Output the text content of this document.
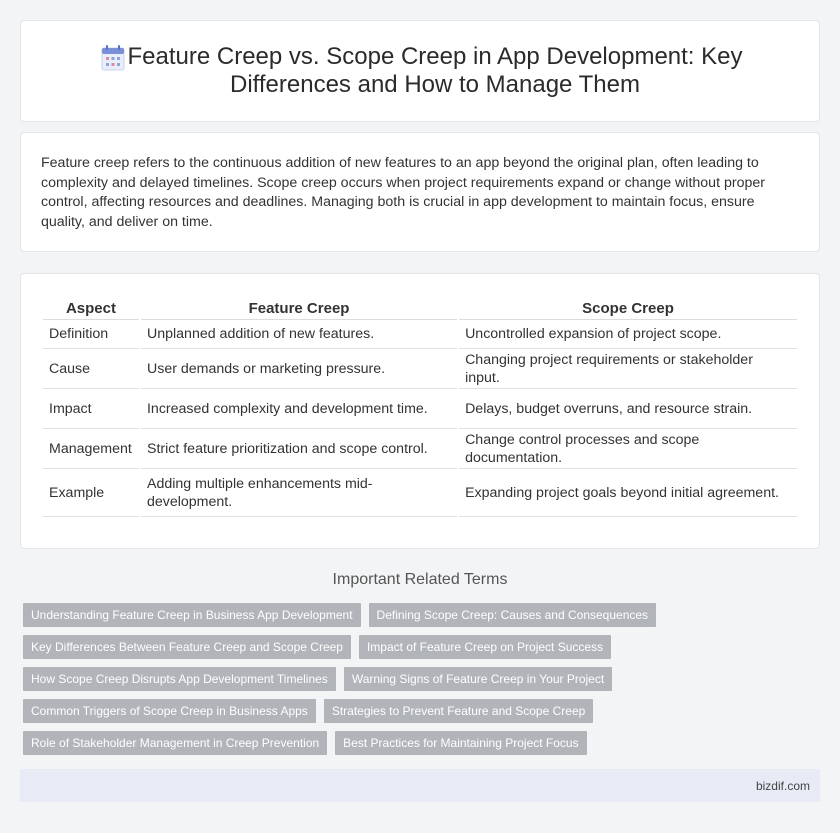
Feature Creep vs. Scope Creep in App Development: Key Differences and How to Manage Them

Feature creep refers to the continuous addition of new features to an app beyond the original plan, often leading to complexity and delayed timelines. Scope creep occurs when project requirements expand or change without proper control, affecting resources and deadlines. Managing both is crucial in app development to maintain focus, ensure quality, and deliver on time.

Aspect	Feature Creep	Scope Creep
Definition	Unplanned addition of new features.	Uncontrolled expansion of project scope.
Cause	User demands or marketing pressure.	Changing project requirements or stakeholder input.
Impact	Increased complexity and development time.	Delays, budget overruns, and resource strain.
Management	Strict feature prioritization and scope control.	Change control processes and scope documentation.
Example	Adding multiple enhancements mid-development.	Expanding project goals beyond initial agreement.
Important Related Terms
Understanding Feature Creep in Business App Development	Defining Scope Creep: Causes and Consequences
Key Differences Between Feature Creep and Scope Creep	Impact of Feature Creep on Project Success
How Scope Creep Disrupts App Development Timelines	Warning Signs of Feature Creep in Your Project
Common Triggers of Scope Creep in Business Apps	Strategies to Prevent Feature and Scope Creep
Role of Stakeholder Management in Creep Prevention	Best Practices for Maintaining Project Focus
bizdif.com
